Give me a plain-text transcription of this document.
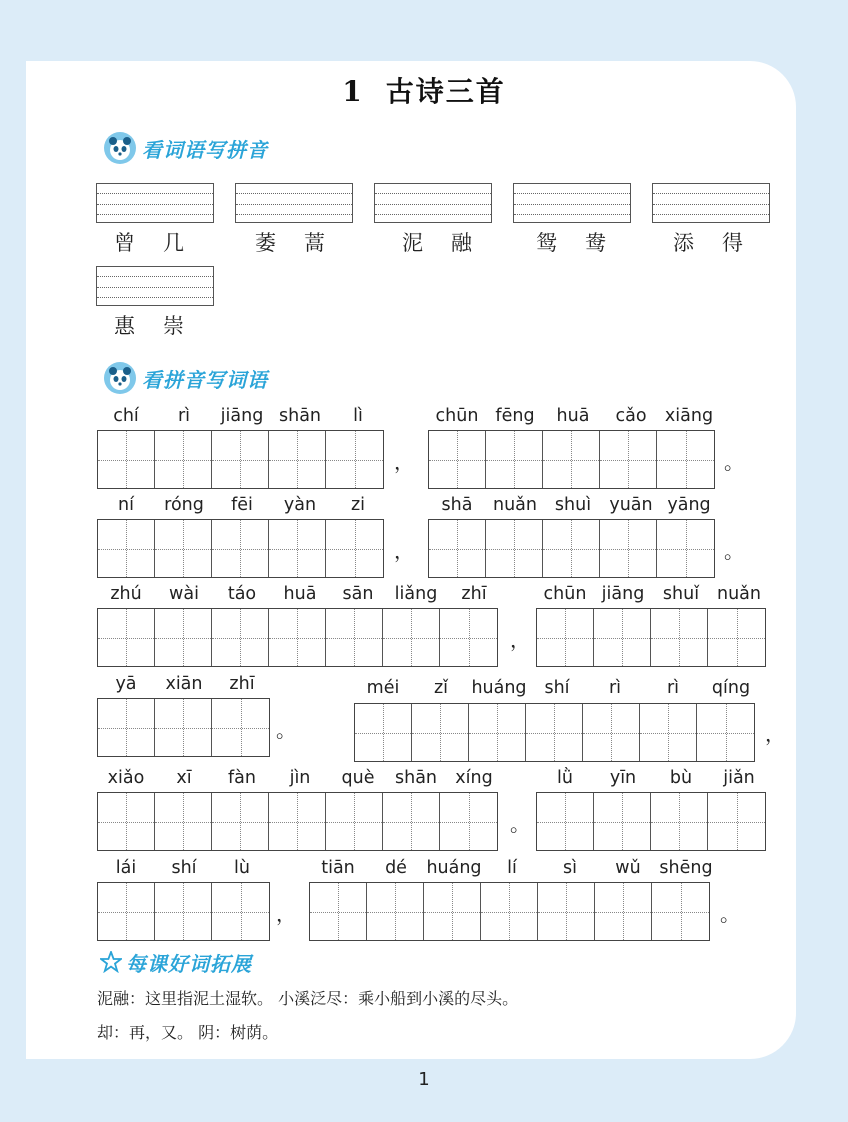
1 古诗三首
看词语写拼音
曾几 萎蒿 泥融 鸳鸯 添得
惠崇
看拼音写词语
chí	rì	jiāng shān	lì
，
chūn fēng	huā	cǎo	xiāng
。
ní	róng	fēi	yàn	zi
，
shā	nuǎn	shuì	yuān yāng
。
zhú	wài	táo	huā	sān	liǎng	zhī
，
chūn jiāng	shuǐ	nuǎn
yā	xiān	zhī
。
méi	zǐ	huáng	shí	rì	rì	qíng
，
xiǎo	xī	fàn	jìn	què	shān	xíng
。
lǜ	yīn	bù	jiǎn
lái	shí	lù
，
tiān	dé	huáng	lí	sì	wǔ	shēng
。
每课好词拓展
泥融：这里指泥土湿软。 小溪泛尽：乘小船到小溪的尽头。
却：再，又。 阴：树荫。
1
